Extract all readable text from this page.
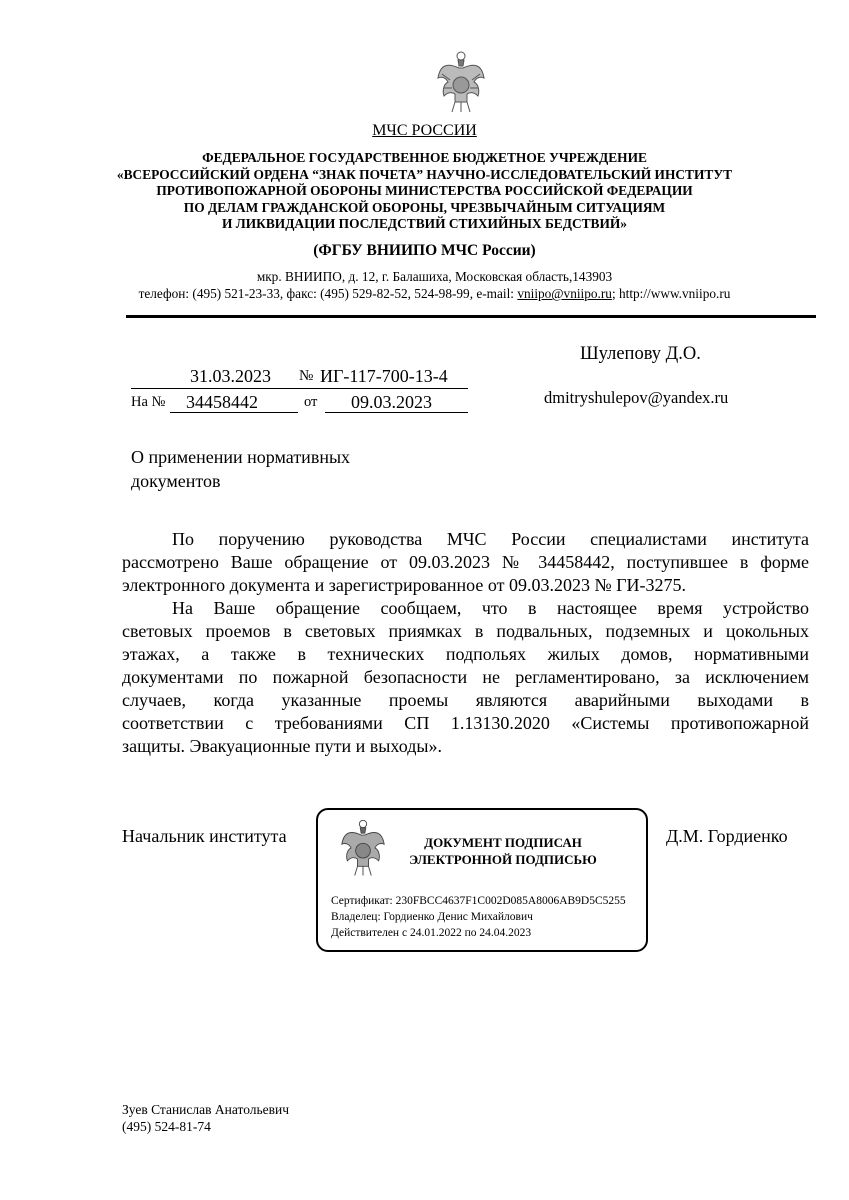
МЧС РОССИИ
ФЕДЕРАЛЬНОЕ ГОСУДАРСТВЕННОЕ БЮДЖЕТНОЕ УЧРЕЖДЕНИЕ
«ВСЕРОССИЙСКИЙ ОРДЕНА “ЗНАК ПОЧЕТА” НАУЧНО-ИССЛЕДОВАТЕЛЬСКИЙ ИНСТИТУТ
ПРОТИВОПОЖАРНОЙ ОБОРОНЫ МИНИСТЕРСТВА РОССИЙСКОЙ ФЕДЕРАЦИИ
ПО ДЕЛАМ ГРАЖДАНСКОЙ ОБОРОНЫ, ЧРЕЗВЫЧАЙНЫМ СИТУАЦИЯМ
И ЛИКВИДАЦИИ ПОСЛЕДСТВИЙ СТИХИЙНЫХ БЕДСТВИЙ»
(ФГБУ ВНИИПО МЧС России)
мкр. ВНИИПО, д. 12, г. Балашиха, Московская область,143903
телефон: (495) 521-23-33, факс: (495) 529-82-52, 524-98-99, e-mail: vniipo@vniipo.ru; http://www.vniipo.ru
31.03.2023 № ИГ-117-700-13-4
На № 34458442	от 09.03.2023
Шулепову Д.О.
dmitryshulepov@yandex.ru
О применении нормативных
документов
По поручению руководства МЧС России специалистами института
рассмотрено Ваше обращение от 09.03.2023 № 34458442, поступившее в форме
электронного документа и зарегистрированное от 09.03.2023 № ГИ-3275.
На Ваше обращение сообщаем, что в настоящее время устройство
световых проемов в световых приямках в подвальных, подземных и цокольных
этажах, а также в технических подпольях жилых домов, нормативными
документами по пожарной безопасности не регламентировано, за исключением
случаев, когда указанные проемы являются аварийными выходами в
соответствии с требованиями СП 1.13130.2020 «Системы противопожарной
защиты. Эвакуационные пути и выходы».
Начальник института	Д.М. Гордиенко
ДОКУМЕНТ ПОДПИСАН
ЭЛЕКТРОННОЙ ПОДПИСЬЮ
Сертификат: 230FBCC4637F1C002D085A8006AB9D5C5255
Владелец: Гордиенко Денис Михайлович
Действителен с 24.01.2022 по 24.04.2023
Зуев Станислав Анатольевич
(495) 524-81-74
